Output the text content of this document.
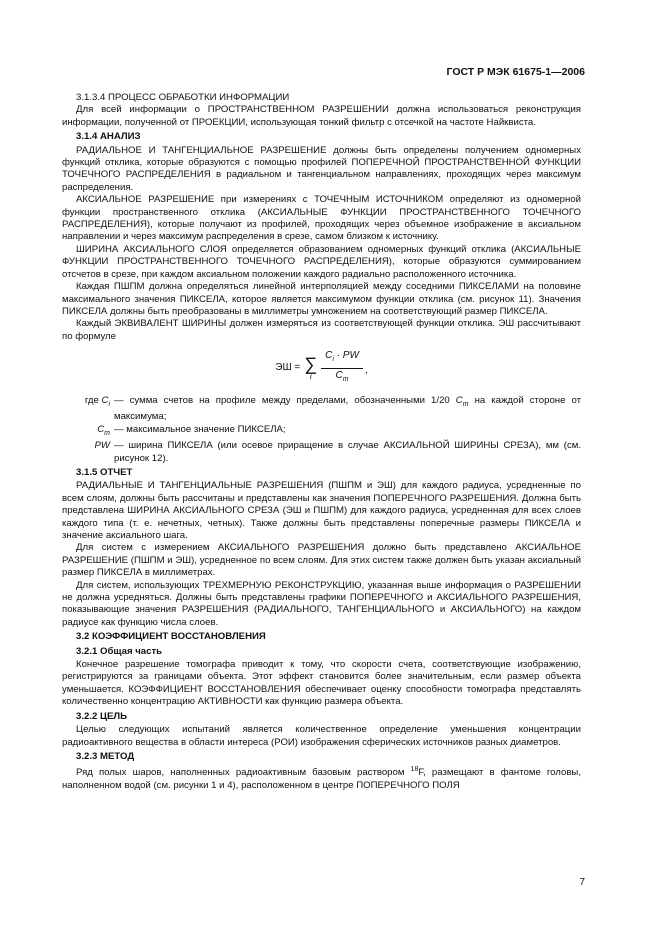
ГОСТ Р МЭК 61675-1—2006

3.1.3.4 ПРОЦЕСС ОБРАБОТКИ ИНФОРМАЦИИ

Для всей информации о ПРОСТРАНСТВЕННОМ РАЗРЕШЕНИИ должна использоваться реконструкция информации, полученной от ПРОЕКЦИИ, использующая тонкий фильтр с отсечкой на частоте Найквиста.

3.1.4 АНАЛИЗ

РАДИАЛЬНОЕ И ТАНГЕНЦИАЛЬНОЕ РАЗРЕШЕНИЕ должны быть определены получением одномерных функций отклика, которые образуются с помощью профилей ПОПЕРЕЧНОЙ ПРОСТРАНСТВЕННОЙ ФУНКЦИИ ТОЧЕЧНОГО РАСПРЕДЕЛЕНИЯ в радиальном и тангенциальном направлениях, проходящих через максимум распределения.

АКСИАЛЬНОЕ РАЗРЕШЕНИЕ при измерениях с ТОЧЕЧНЫМ ИСТОЧНИКОМ определяют из одномерной функции пространственного отклика (АКСИАЛЬНЫЕ ФУНКЦИИ ПРОСТРАНСТВЕННОГО ТОЧЕЧНОГО РАСПРЕДЕЛЕНИЯ), которые получают из профилей, проходящих через объемное изображение в аксиальном направлении и через максимум распределения в срезе, самом близком к источнику.

ШИРИНА АКСИАЛЬНОГО СЛОЯ определяется образованием одномерных функций отклика (АКСИАЛЬНЫЕ ФУНКЦИИ ПРОСТРАНСТВЕННОГО ТОЧЕЧНОГО РАСПРЕДЕЛЕНИЯ), которые образуются суммированием отсчетов в срезе, при каждом аксиальном положении каждого радиально расположенного источника.

Каждая ПШПМ должна определяться линейной интерполяцией между соседними ПИКСЕЛАМИ на половине максимального значения ПИКСЕЛА, которое является максимумом функции отклика (см. рисунок 11). Значения ПИКСЕЛА должны быть преобразованы в миллиметры умножением на соответствующий размер ПИКСЕЛА.

Каждый ЭКВИВАЛЕНТ ШИРИНЫ должен измеряться из соответствующей функции отклика. ЭШ рассчитывают по формуле

ЭШ = ∑
i $\frac{C_i \cdot PW}{C_m}$ ,
где $C_i$ — сумма счетов на профиле между пределами, обозначенными 1/20 $C_m$ на каждой стороне от максимума;
$C_m$ — максимальное значение ПИКСЕЛА;
PW — ширина ПИКСЕЛА (или осевое приращение в случае АКСИАЛЬНОЙ ШИРИНЫ СРЕЗА), мм (см. рисунок 12).

3.1.5 ОТЧЕТ

РАДИАЛЬНЫЕ И ТАНГЕНЦИАЛЬНЫЕ РАЗРЕШЕНИЯ (ПШПМ и ЭШ) для каждого радиуса, усредненные по всем слоям, должны быть рассчитаны и представлены как значения ПОПЕРЕЧНОГО РАЗРЕШЕНИЯ. Должна быть представлена ШИРИНА АКСИАЛЬНОГО СРЕЗА (ЭШ и ПШПМ) для каждого радиуса, усредненная для всех слоев каждого типа (т. е. нечетных, четных). Также должны быть представлены поперечные размеры ПИКСЕЛА и значение аксиального шага.

Для систем с измерением АКСИАЛЬНОГО РАЗРЕШЕНИЯ должно быть представлено АКСИАЛЬНОЕ РАЗРЕШЕНИЕ (ПШПМ и ЭШ), усредненное по всем слоям. Для этих систем также должен быть указан аксиальный размер ПИКСЕЛА в миллиметрах.

Для систем, использующих ТРЕХМЕРНУЮ РЕКОНСТРУКЦИЮ, указанная выше информация о РАЗРЕШЕНИИ не должна усредняться. Должны быть представлены графики ПОПЕРЕЧНОГО и АКСИАЛЬНОГО РАЗРЕШЕНИЯ, показывающие значения РАЗРЕШЕНИЯ (РАДИАЛЬНОГО, ТАНГЕНЦИАЛЬНОГО и АКСИАЛЬНОГО) на каждом радиусе как функцию числа слоев.

3.2 КОЭФФИЦИЕНТ ВОССТАНОВЛЕНИЯ

3.2.1 Общая часть

Конечное разрешение томографа приводит к тому, что скорости счета, соответствующие изображению, регистрируются за границами объекта. Этот эффект становится более значительным, если размер объекта уменьшается. КОЭФФИЦИЕНТ ВОССТАНОВЛЕНИЯ обеспечивает оценку способности томографа представлять количественно концентрацию АКТИВНОСТИ как функцию размера объекта.

3.2.2 ЦЕЛЬ

Целью следующих испытаний является количественное определение уменьшения концентрации радиоактивного вещества в области интереса (РОИ) изображения сферических источников разных диаметров.

3.2.3 МЕТОД

Ряд полых шаров, наполненных радиоактивным базовым раствором $^{18}$F, размещают в фантоме головы, наполненном водой (см. рисунки 1 и 4), расположенном в центре ПОПЕРЕЧНОГО ПОЛЯ

7
